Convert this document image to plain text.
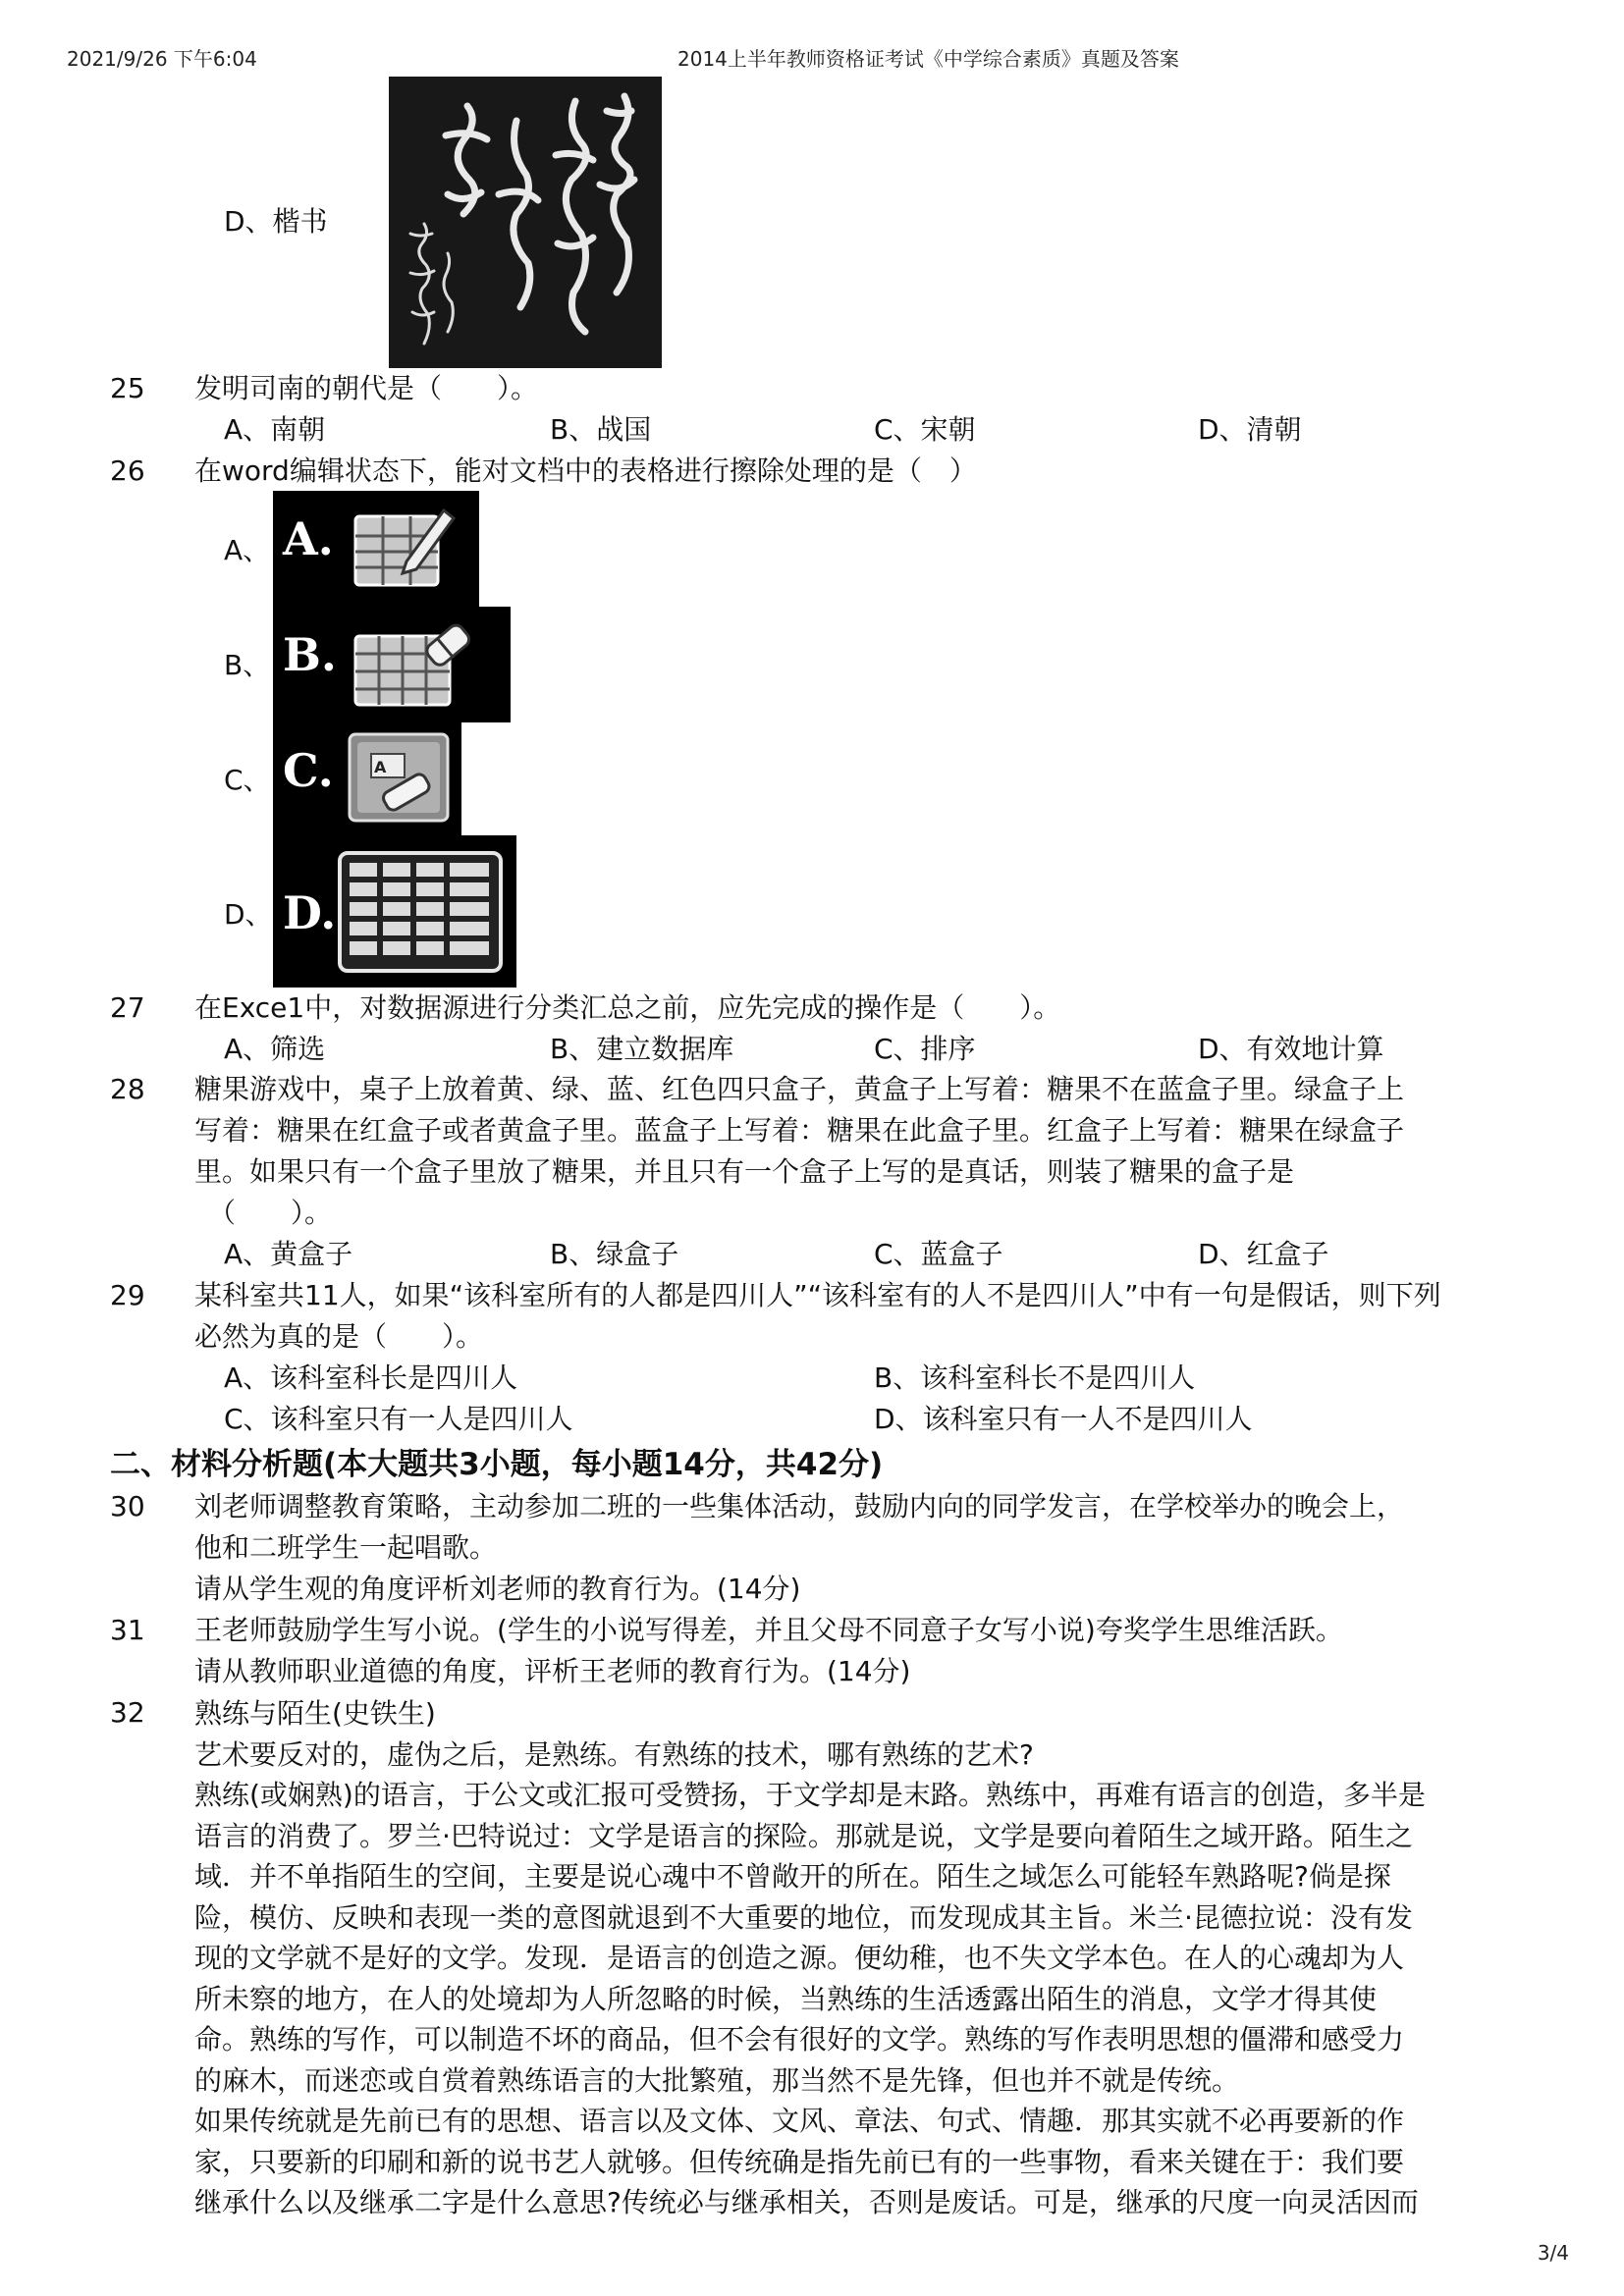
2021/9/26 下午6:04	2014上半年教师资格证考试《中学综合素质》真题及答案
D、楷书
25 发明司南的朝代是（　　）。
A、南朝	B、战国	C、宋朝	D、清朝
26 在word编辑状态下，能对文档中的表格进行擦除处理的是（　）
A、 A.
B、 B.
C、 C.	A
D、 D.
27 在Exce1中，对数据源进行分类汇总之前，应先完成的操作是（　　）。
A、筛选	B、建立数据库	C、排序	D、有效地计算
28 糖果游戏中，桌子上放着黄、绿、蓝、红色四只盒子，黄盒子上写着：糖果不在蓝盒子里。绿盒子上
写着：糖果在红盒子或者黄盒子里。蓝盒子上写着：糖果在此盒子里。红盒子上写着：糖果在绿盒子
里。如果只有一个盒子里放了糖果，并且只有一个盒子上写的是真话，则装了糖果的盒子是
（　　）。
A、黄盒子	B、绿盒子	C、蓝盒子	D、红盒子
29 某科室共11人，如果“该科室所有的人都是四川人”“该科室有的人不是四川人”中有一句是假话，则下列
必然为真的是（　　）。
A、该科室科长是四川人	B、该科室科长不是四川人
C、该科室只有一人是四川人	D、该科室只有一人不是四川人
二、材料分析题(本大题共3小题，每小题14分，共42分)
30 刘老师调整教育策略，主动参加二班的一些集体活动，鼓励内向的同学发言，在学校举办的晚会上，
他和二班学生一起唱歌。
请从学生观的角度评析刘老师的教育行为。(14分)
31 王老师鼓励学生写小说。(学生的小说写得差，并且父母不同意子女写小说)夸奖学生思维活跃。
请从教师职业道德的角度，评析王老师的教育行为。(14分)
32 熟练与陌生(史铁生)
艺术要反对的，虚伪之后，是熟练。有熟练的技术，哪有熟练的艺术?
熟练(或娴熟)的语言，于公文或汇报可受赞扬，于文学却是末路。熟练中，再难有语言的创造，多半是
语言的消费了。罗兰·巴特说过：文学是语言的探险。那就是说，文学是要向着陌生之域开路。陌生之
域．并不单指陌生的空间，主要是说心魂中不曾敞开的所在。陌生之域怎么可能轻车熟路呢?倘是探
险，模仿、反映和表现一类的意图就退到不大重要的地位，而发现成其主旨。米兰·昆德拉说：没有发
现的文学就不是好的文学。发现．是语言的创造之源。便幼稚，也不失文学本色。在人的心魂却为人
所未察的地方，在人的处境却为人所忽略的时候，当熟练的生活透露出陌生的消息，文学才得其使
命。熟练的写作，可以制造不坏的商品，但不会有很好的文学。熟练的写作表明思想的僵滞和感受力
的麻木，而迷恋或自赏着熟练语言的大批繁殖，那当然不是先锋，但也并不就是传统。
如果传统就是先前已有的思想、语言以及文体、文风、章法、句式、情趣．那其实就不必再要新的作
家，只要新的印刷和新的说书艺人就够。但传统确是指先前已有的一些事物，看来关键在于：我们要
继承什么以及继承二字是什么意思?传统必与继承相关，否则是废话。可是，继承的尺度一向灵活因而
3/4
